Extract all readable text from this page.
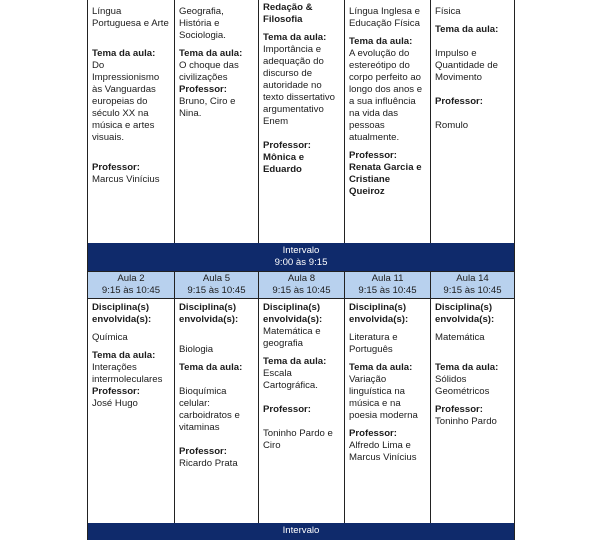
Língua Portuguesa e Arte
Tema da aula:
Do Impressionismo às Vanguardas europeias do século XX na música e artes visuais.
Professor:
Marcus Vinícius
Geografia, História e Sociologia.
Tema da aula:
O choque das civilizações
Professor:
Bruno, Ciro e Nina.
Redação & Filosofia
Tema da aula:
Importância e adequação do discurso de autoridade no texto dissertativo argumentativo Enem
Professor:
Mônica e Eduardo
Língua Inglesa e Educação Física
Tema da aula:
A evolução do estereótipo do corpo perfeito ao longo dos anos e a sua influência na vida das pessoas atualmente.
Professor:
Renata Garcia e Cristiane Queiroz
Física
Tema da aula:
Impulso e Quantidade de Movimento
Professor:
Romulo
Intervalo
9:00 às 9:15
Aula 2
9:15 às 10:45
Aula 5
9:15 às 10:45
Aula 8
9:15 às 10:45
Aula 11
9:15 às 10:45
Aula 14
9:15 às 10:45
Disciplina(s) envolvida(s):
Química
Tema da aula:
Interações intermoleculares
Professor:
José Hugo
Disciplina(s) envolvida(s):
Biologia
Tema da aula:
Bioquímica celular: carboidratos e vitaminas
Professor:
Ricardo Prata
Disciplina(s) envolvida(s):
Matemática e geografia
Tema da aula:
Escala Cartográfica.
Professor:
Toninho Pardo e Ciro
Disciplina(s) envolvida(s):
Literatura e Português
Tema da aula:
Variação linguística na música e na poesia moderna
Professor:
Alfredo Lima e Marcus Vinícius
Disciplina(s) envolvida(s):
Matemática
Tema da aula:
Sólidos Geométricos
Professor:
Toninho Pardo
Intervalo
